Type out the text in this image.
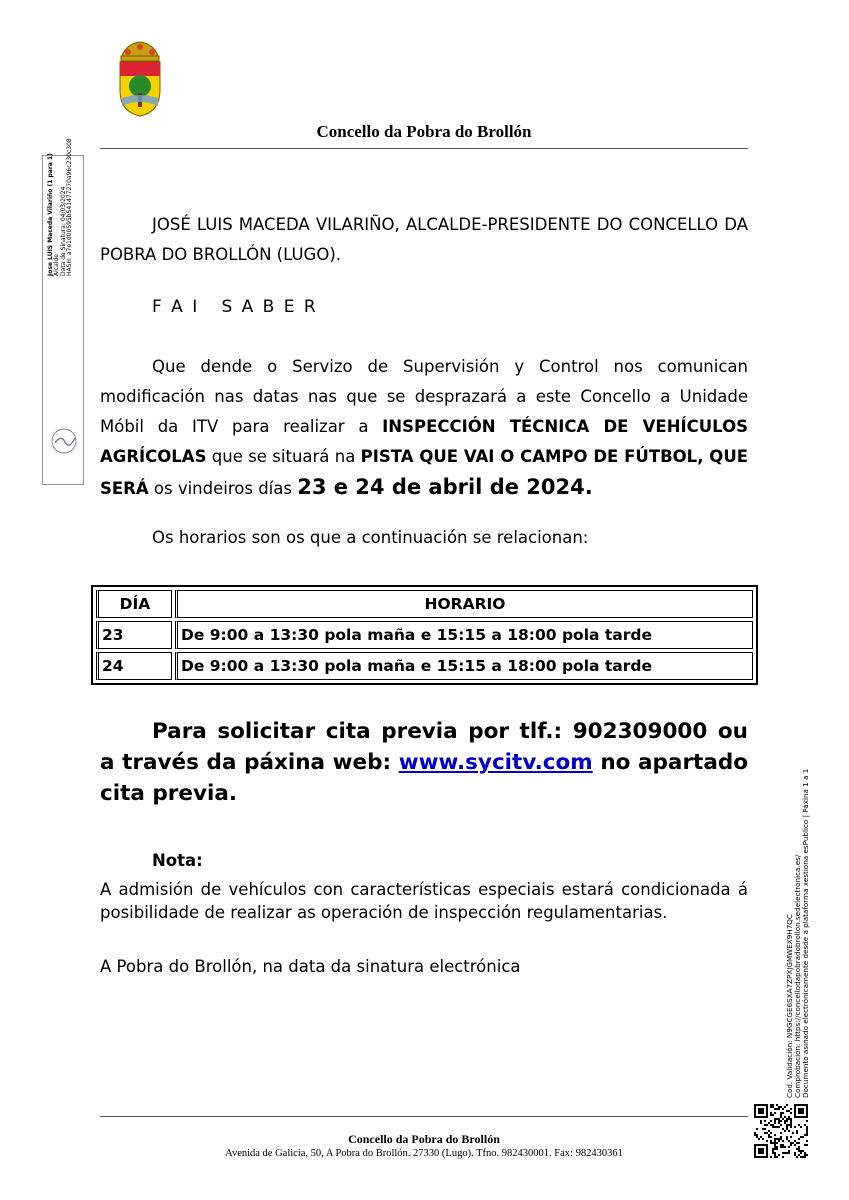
Concello da Pobra do Brollón
Jose LUIS Maceda Vilariño (1 para 1) Alcalde Data de Sinatura: 04/03/2024 HASH: a7e1d00595b541477270a96c230c308	JOSÉ LUIS MACEDA VILARIÑO, ALCALDE-PRESIDENTE DO CONCELLO DA POBRA DO BROLLÓN (LUGO).
F A I   S A B E R
Que dende o Servizo de Supervisión y Control nos comunican modificación nas datas nas que se desprazará a este Concello a Unidade Móbil da ITV para realizar a INSPECCIÓN TÉCNICA DE VEHÍCULOS AGRÍCOLAS que se situará na PISTA QUE VAI O CAMPO DE FÚTBOL, QUE SERÁ os vindeiros días 23 e 24 de abril de 2024.
Os horarios son os que a continuación se relacionan:
DÍA	HORARIO
23	De 9:00 a 13:30 pola maña e 15:15 a 18:00 pola tarde
24	De 9:00 a 13:30 pola maña e 15:15 a 18:00 pola tarde
Para solicitar cita previa por tlf.: 902309000 ou a través da páxina web: www.sycitv.com no apartado cita previa.
Nota:
A admisión de vehículos con características especiais estará condicionada á posibilidade de realizar as operación de inspección regulamentarias.
A Pobra do Brollón, na data da sinatura electrónica	Cod. Validación: N9GCGE6SXA7ZPXJGMWEX9H7QC Comprobación: https://concellodapobradobrollon.sedelectronica.es/ Documento asinado electrónicamente desde a plataforma xestiona esPublico | Páxina 1 a 1
Concello da Pobra do Brollón
Avenida de Galicia, 50, A Pobra do Brollón. 27330 (Lugo). Tfno. 982430001. Fax: 982430361
